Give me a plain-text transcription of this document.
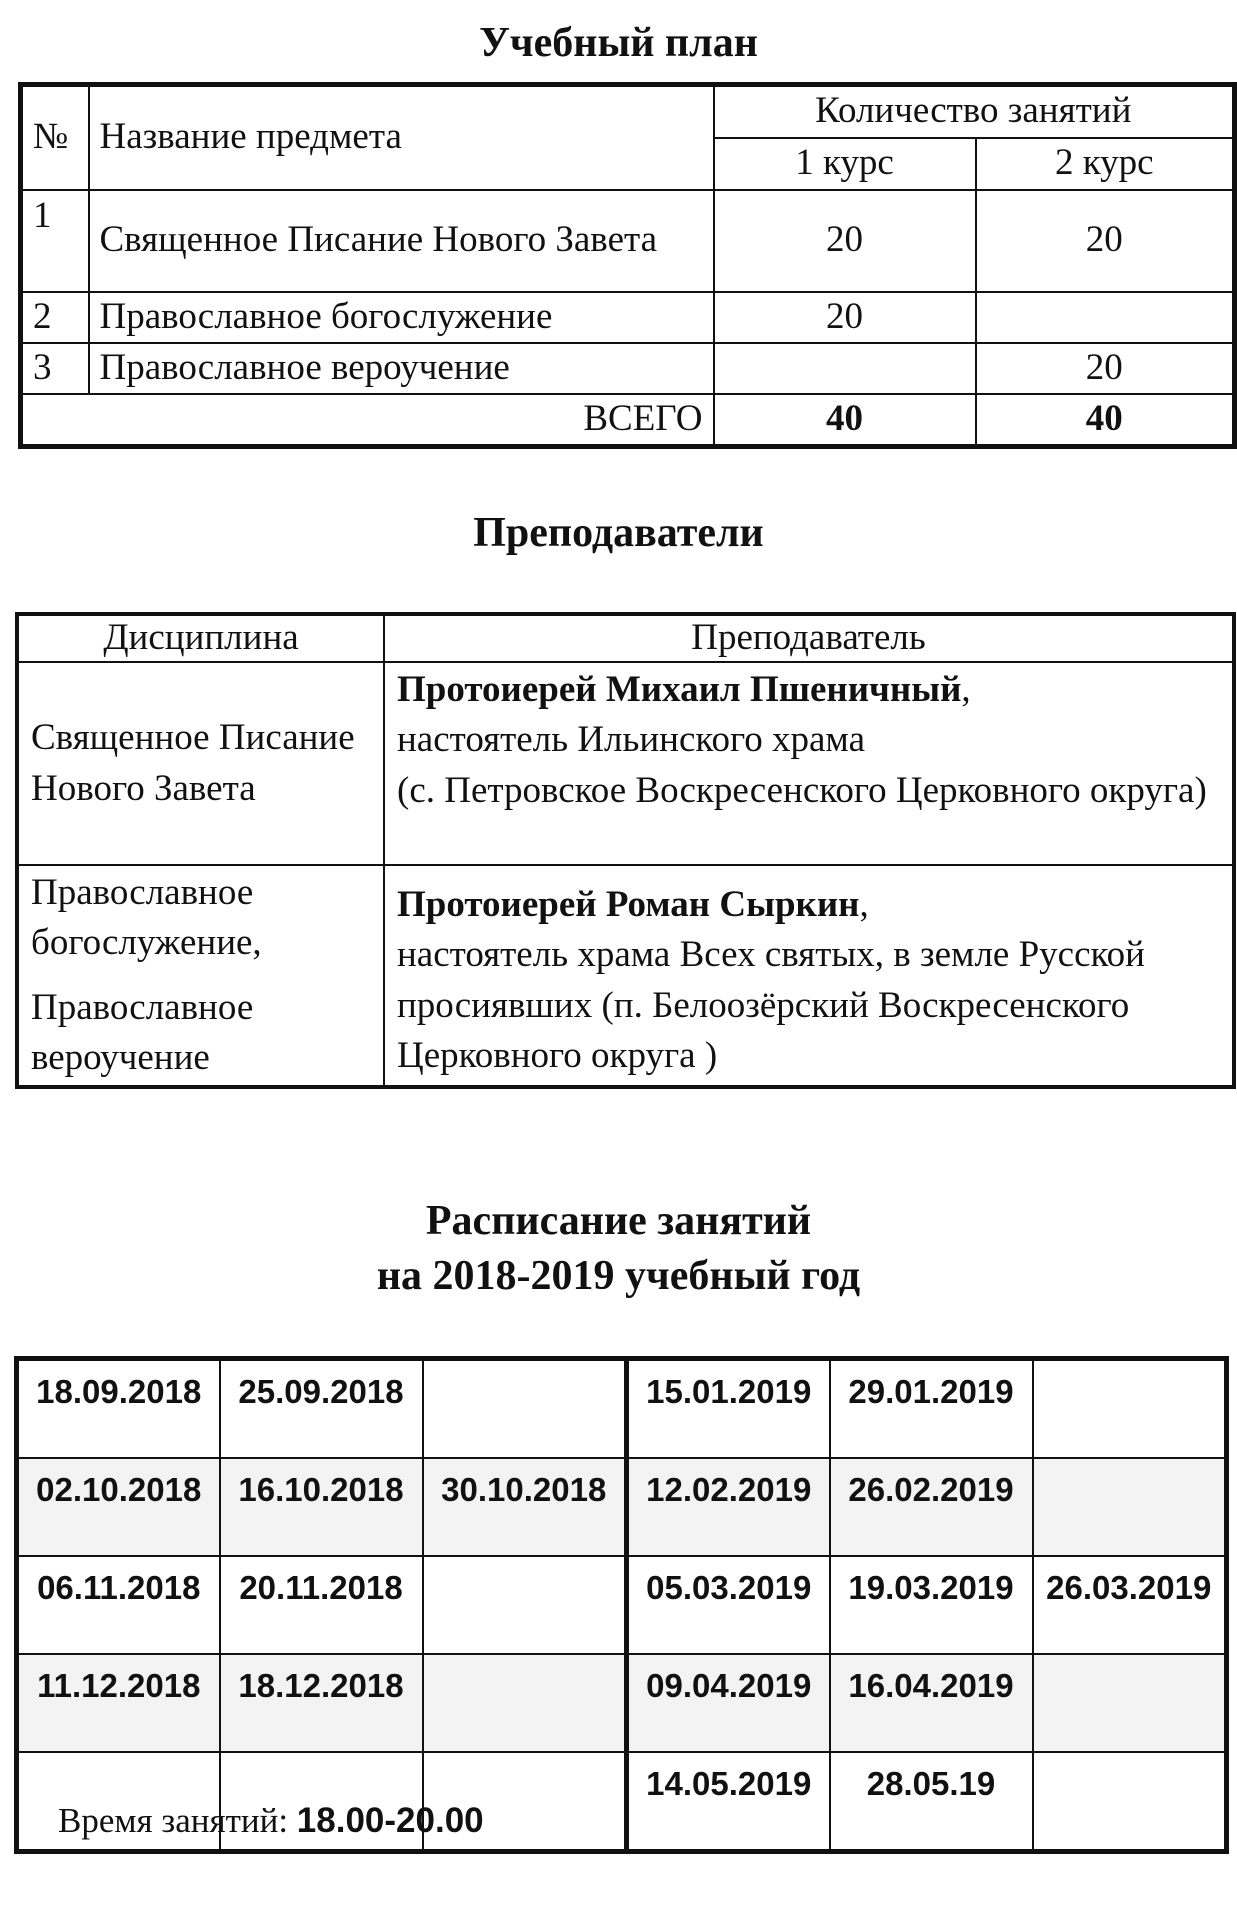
Учебный план
№	Название предмета	Количество занятий	
		1 курс	2 курс
1	Священное Писание Нового Завета	20	20
2	Православное богослужение	20	
3	Православное вероучение		20
ВСЕГО		40	40
Преподаватели
Дисциплина	Преподаватель

Священное Писание Нового Завета	Протоиерей Михаил Пшеничный,
настоятель Ильинского храма
(с. Петровское Воскресенского Церковного округа)

Православное богослужение,
Православное вероучение	Протоиерей Роман Сыркин,
настоятель храма Всех святых, в земле Русской просиявших (п. Белоозёрский Воскресенского Церковного округа )
Расписание занятий
на 2018-2019 учебный год
18.09.2018	25.09.2018		15.01.2019	29.01.2019	
02.10.2018	16.10.2018	30.10.2018	12.02.2019	26.02.2019	
06.11.2018	20.11.2018		05.03.2019	19.03.2019	26.03.2019
11.12.2018	18.12.2018		09.04.2019	16.04.2019	
			14.05.2019	28.05.19	
Время занятий: 18.00-20.00
